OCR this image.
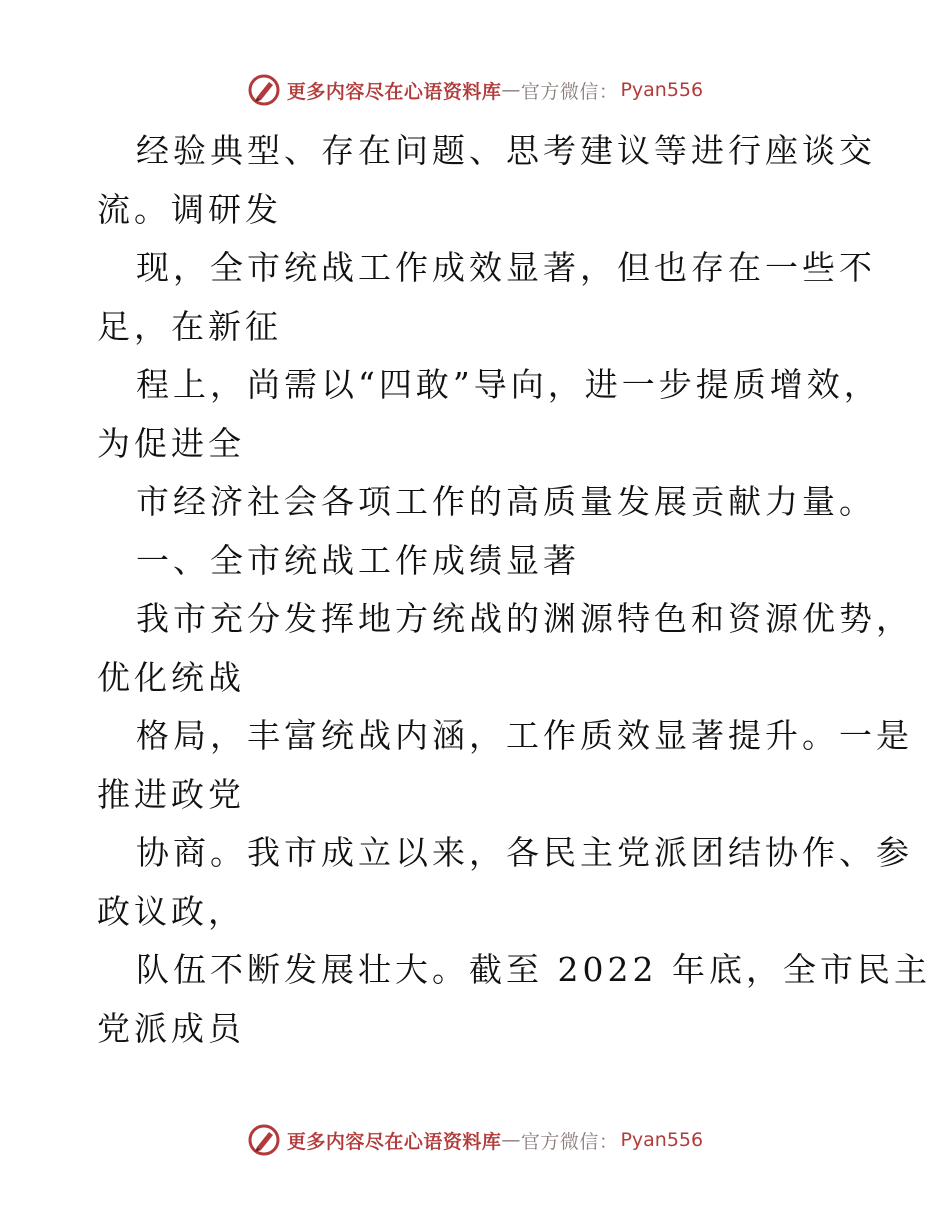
更多内容尽在心语资料库 — 官方微信： Pyan556
经验典型、存在问题、思考建议等进行座谈交
流。调研发
现，全市统战工作成效显著，但也存在一些不
足，在新征
程上，尚需以“四敢”导向，进一步提质增效，
为促进全
市经济社会各项工作的高质量发展贡献力量。
一、全市统战工作成绩显著
我市充分发挥地方统战的渊源特色和资源优势，
优化统战
格局，丰富统战内涵，工作质效显著提升。一是
推进政党
协商。我市成立以来，各民主党派团结协作、参
政议政，
队伍不断发展壮大。截至 2022 年底，全市民主
党派成员
更多内容尽在心语资料库 — 官方微信： Pyan556
